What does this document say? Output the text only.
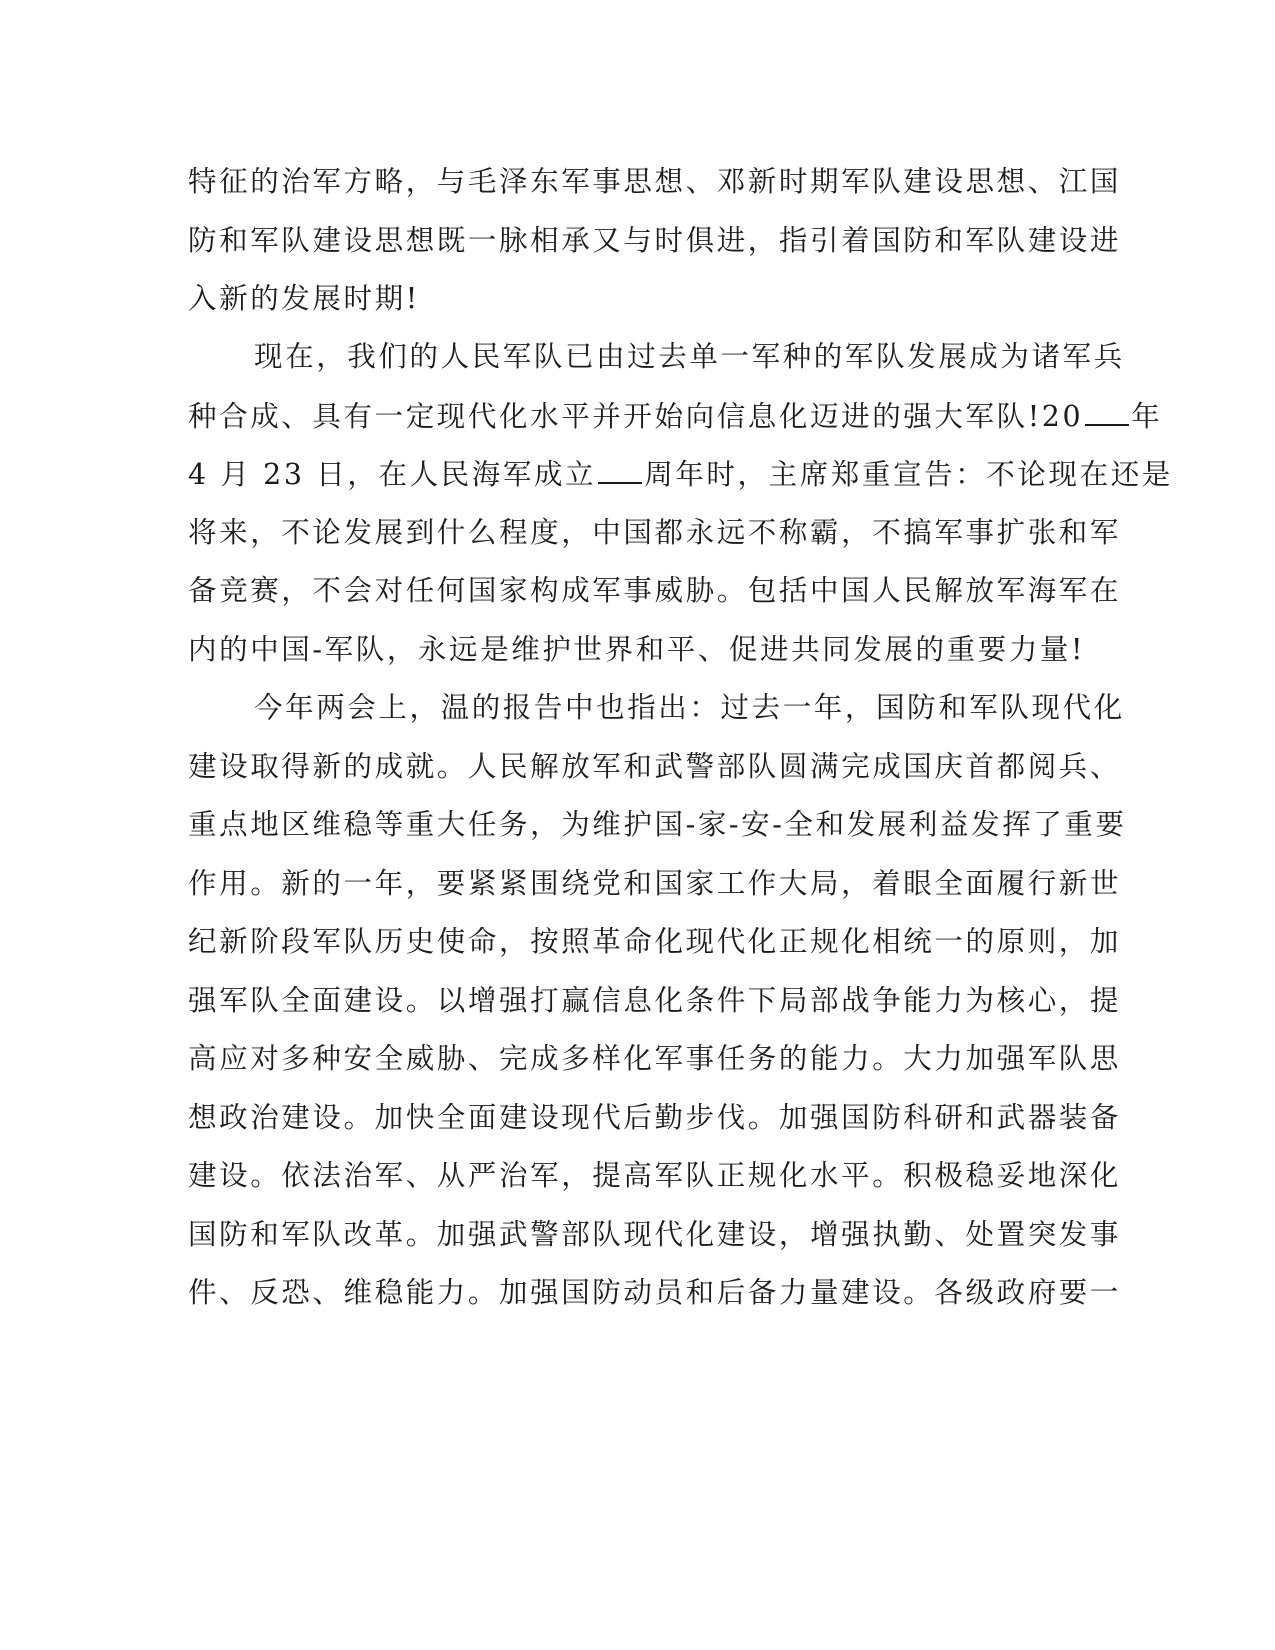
特征的治军方略，与毛泽东军事思想、邓新时期军队建设思想、江国
防和军队建设思想既一脉相承又与时俱进，指引着国防和军队建设进
入新的发展时期!
现在，我们的人民军队已由过去单一军种的军队发展成为诸军兵
种合成、具有一定现代化水平并开始向信息化迈进的强大军队!20 年
4 月 23 日，在人民海军成立 周年时，主席郑重宣告：不论现在还是
将来，不论发展到什么程度，中国都永远不称霸，不搞军事扩张和军
备竞赛，不会对任何国家构成军事威胁。包括中国人民解放军海军在
内的中国-军队，永远是维护世界和平、促进共同发展的重要力量!
今年两会上，温的报告中也指出：过去一年，国防和军队现代化
建设取得新的成就。人民解放军和武警部队圆满完成国庆首都阅兵、
重点地区维稳等重大任务，为维护国-家-安-全和发展利益发挥了重要
作用。新的一年，要紧紧围绕党和国家工作大局，着眼全面履行新世
纪新阶段军队历史使命，按照革命化现代化正规化相统一的原则，加
强军队全面建设。以增强打赢信息化条件下局部战争能力为核心，提
高应对多种安全威胁、完成多样化军事任务的能力。大力加强军队思
想政治建设。加快全面建设现代后勤步伐。加强国防科研和武器装备
建设。依法治军、从严治军，提高军队正规化水平。积极稳妥地深化
国防和军队改革。加强武警部队现代化建设，增强执勤、处置突发事
件、反恐、维稳能力。加强国防动员和后备力量建设。各级政府要一
